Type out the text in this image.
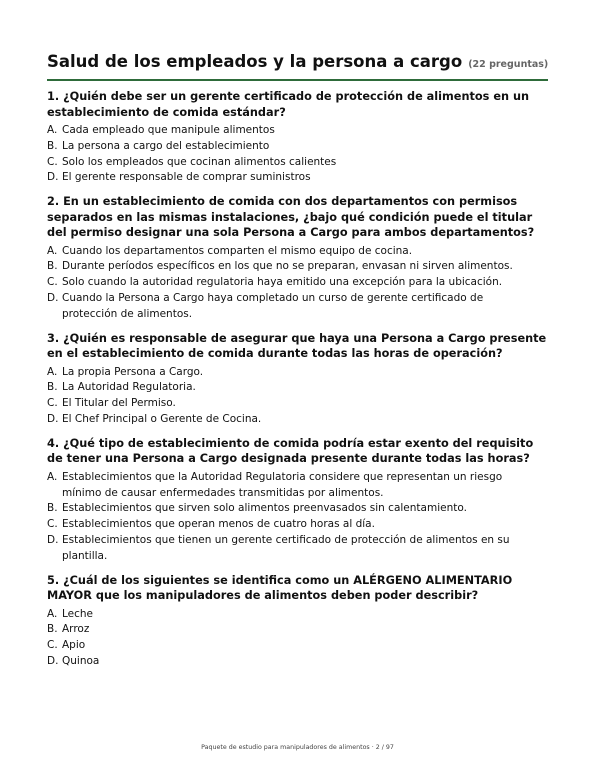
Salud de los empleados y la persona a cargo (22 preguntas)
1. ¿Quién debe ser un gerente certificado de protección de alimentos en un establecimiento de comida estándar?
A. Cada empleado que manipule alimentos
B. La persona a cargo del establecimiento
C. Solo los empleados que cocinan alimentos calientes
D. El gerente responsable de comprar suministros
2. En un establecimiento de comida con dos departamentos con permisos separados en las mismas instalaciones, ¿bajo qué condición puede el titular del permiso designar una sola Persona a Cargo para ambos departamentos?
A. Cuando los departamentos comparten el mismo equipo de cocina.
B. Durante períodos específicos en los que no se preparan, envasan ni sirven alimentos.
C. Solo cuando la autoridad regulatoria haya emitido una excepción para la ubicación.
D. Cuando la Persona a Cargo haya completado un curso de gerente certificado de protección de alimentos.
3. ¿Quién es responsable de asegurar que haya una Persona a Cargo presente en el establecimiento de comida durante todas las horas de operación?
A. La propia Persona a Cargo.
B. La Autoridad Regulatoria.
C. El Titular del Permiso.
D. El Chef Principal o Gerente de Cocina.
4. ¿Qué tipo de establecimiento de comida podría estar exento del requisito de tener una Persona a Cargo designada presente durante todas las horas?
A. Establecimientos que la Autoridad Regulatoria considere que representan un riesgo mínimo de causar enfermedades transmitidas por alimentos.
B. Establecimientos que sirven solo alimentos preenvasados sin calentamiento.
C. Establecimientos que operan menos de cuatro horas al día.
D. Establecimientos que tienen un gerente certificado de protección de alimentos en su plantilla.
5. ¿Cuál de los siguientes se identifica como un ALÉRGENO ALIMENTARIO MAYOR que los manipuladores de alimentos deben poder describir?
A. Leche
B. Arroz
C. Apio
D. Quinoa
Paquete de estudio para manipuladores de alimentos · 2 / 97
